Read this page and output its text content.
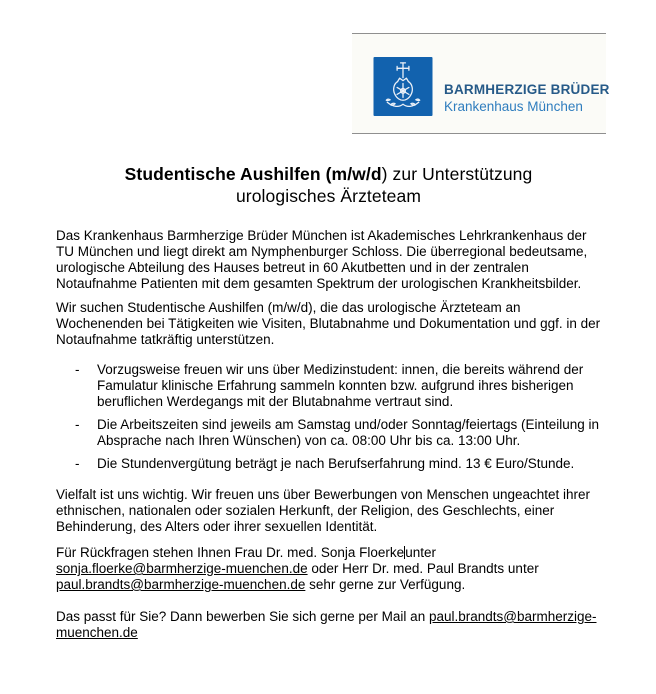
BARMHERZIGE BRÜDER
Krankenhaus München
Studentische Aushilfen (m/w/d) zur Unterstützung
urologisches Ärzteteam

Das Krankenhaus Barmherzige Brüder München ist Akademisches Lehrkrankenhaus der TU München und liegt direkt am Nymphenburger Schloss. Die überregional bedeutsame, urologische Abteilung des Hauses betreut in 60 Akutbetten und in der zentralen Notaufnahme Patienten mit dem gesamten Spektrum der urologischen Krankheitsbilder.

Wir suchen Studentische Aushilfen (m/w/d), die das urologische Ärzteteam an Wochenenden bei Tätigkeiten wie Visiten, Blutabnahme und Dokumentation und ggf. in der Notaufnahme tatkräftig unterstützen.

-	Vorzugsweise freuen wir uns über Medizinstudent: innen, die bereits während der Famulatur klinische Erfahrung sammeln konnten bzw. aufgrund ihres bisherigen beruflichen Werdegangs mit der Blutabnahme vertraut sind.
-	Die Arbeitszeiten sind jeweils am Samstag und/oder Sonntag/feiertags (Einteilung in Absprache nach Ihren Wünschen) von ca. 08:00 Uhr bis ca. 13:00 Uhr.
-	Die Stundenvergütung beträgt je nach Berufserfahrung mind. 13 € Euro/Stunde.

Vielfalt ist uns wichtig. Wir freuen uns über Bewerbungen von Menschen ungeachtet ihrer ethnischen, nationalen oder sozialen Herkunft, der Religion, des Geschlechts, einer Behinderung, des Alters oder ihrer sexuellen Identität.

Für Rückfragen stehen Ihnen Frau Dr. med. Sonja Floerkeunter
sonja.floerke@barmherzige-muenchen.de oder Herr Dr. med. Paul Brandts unter
paul.brandts@barmherzige-muenchen.de sehr gerne zur Verfügung.

Das passt für Sie? Dann bewerben Sie sich gerne per Mail an paul.brandts@barmherzige-muenchen.de
